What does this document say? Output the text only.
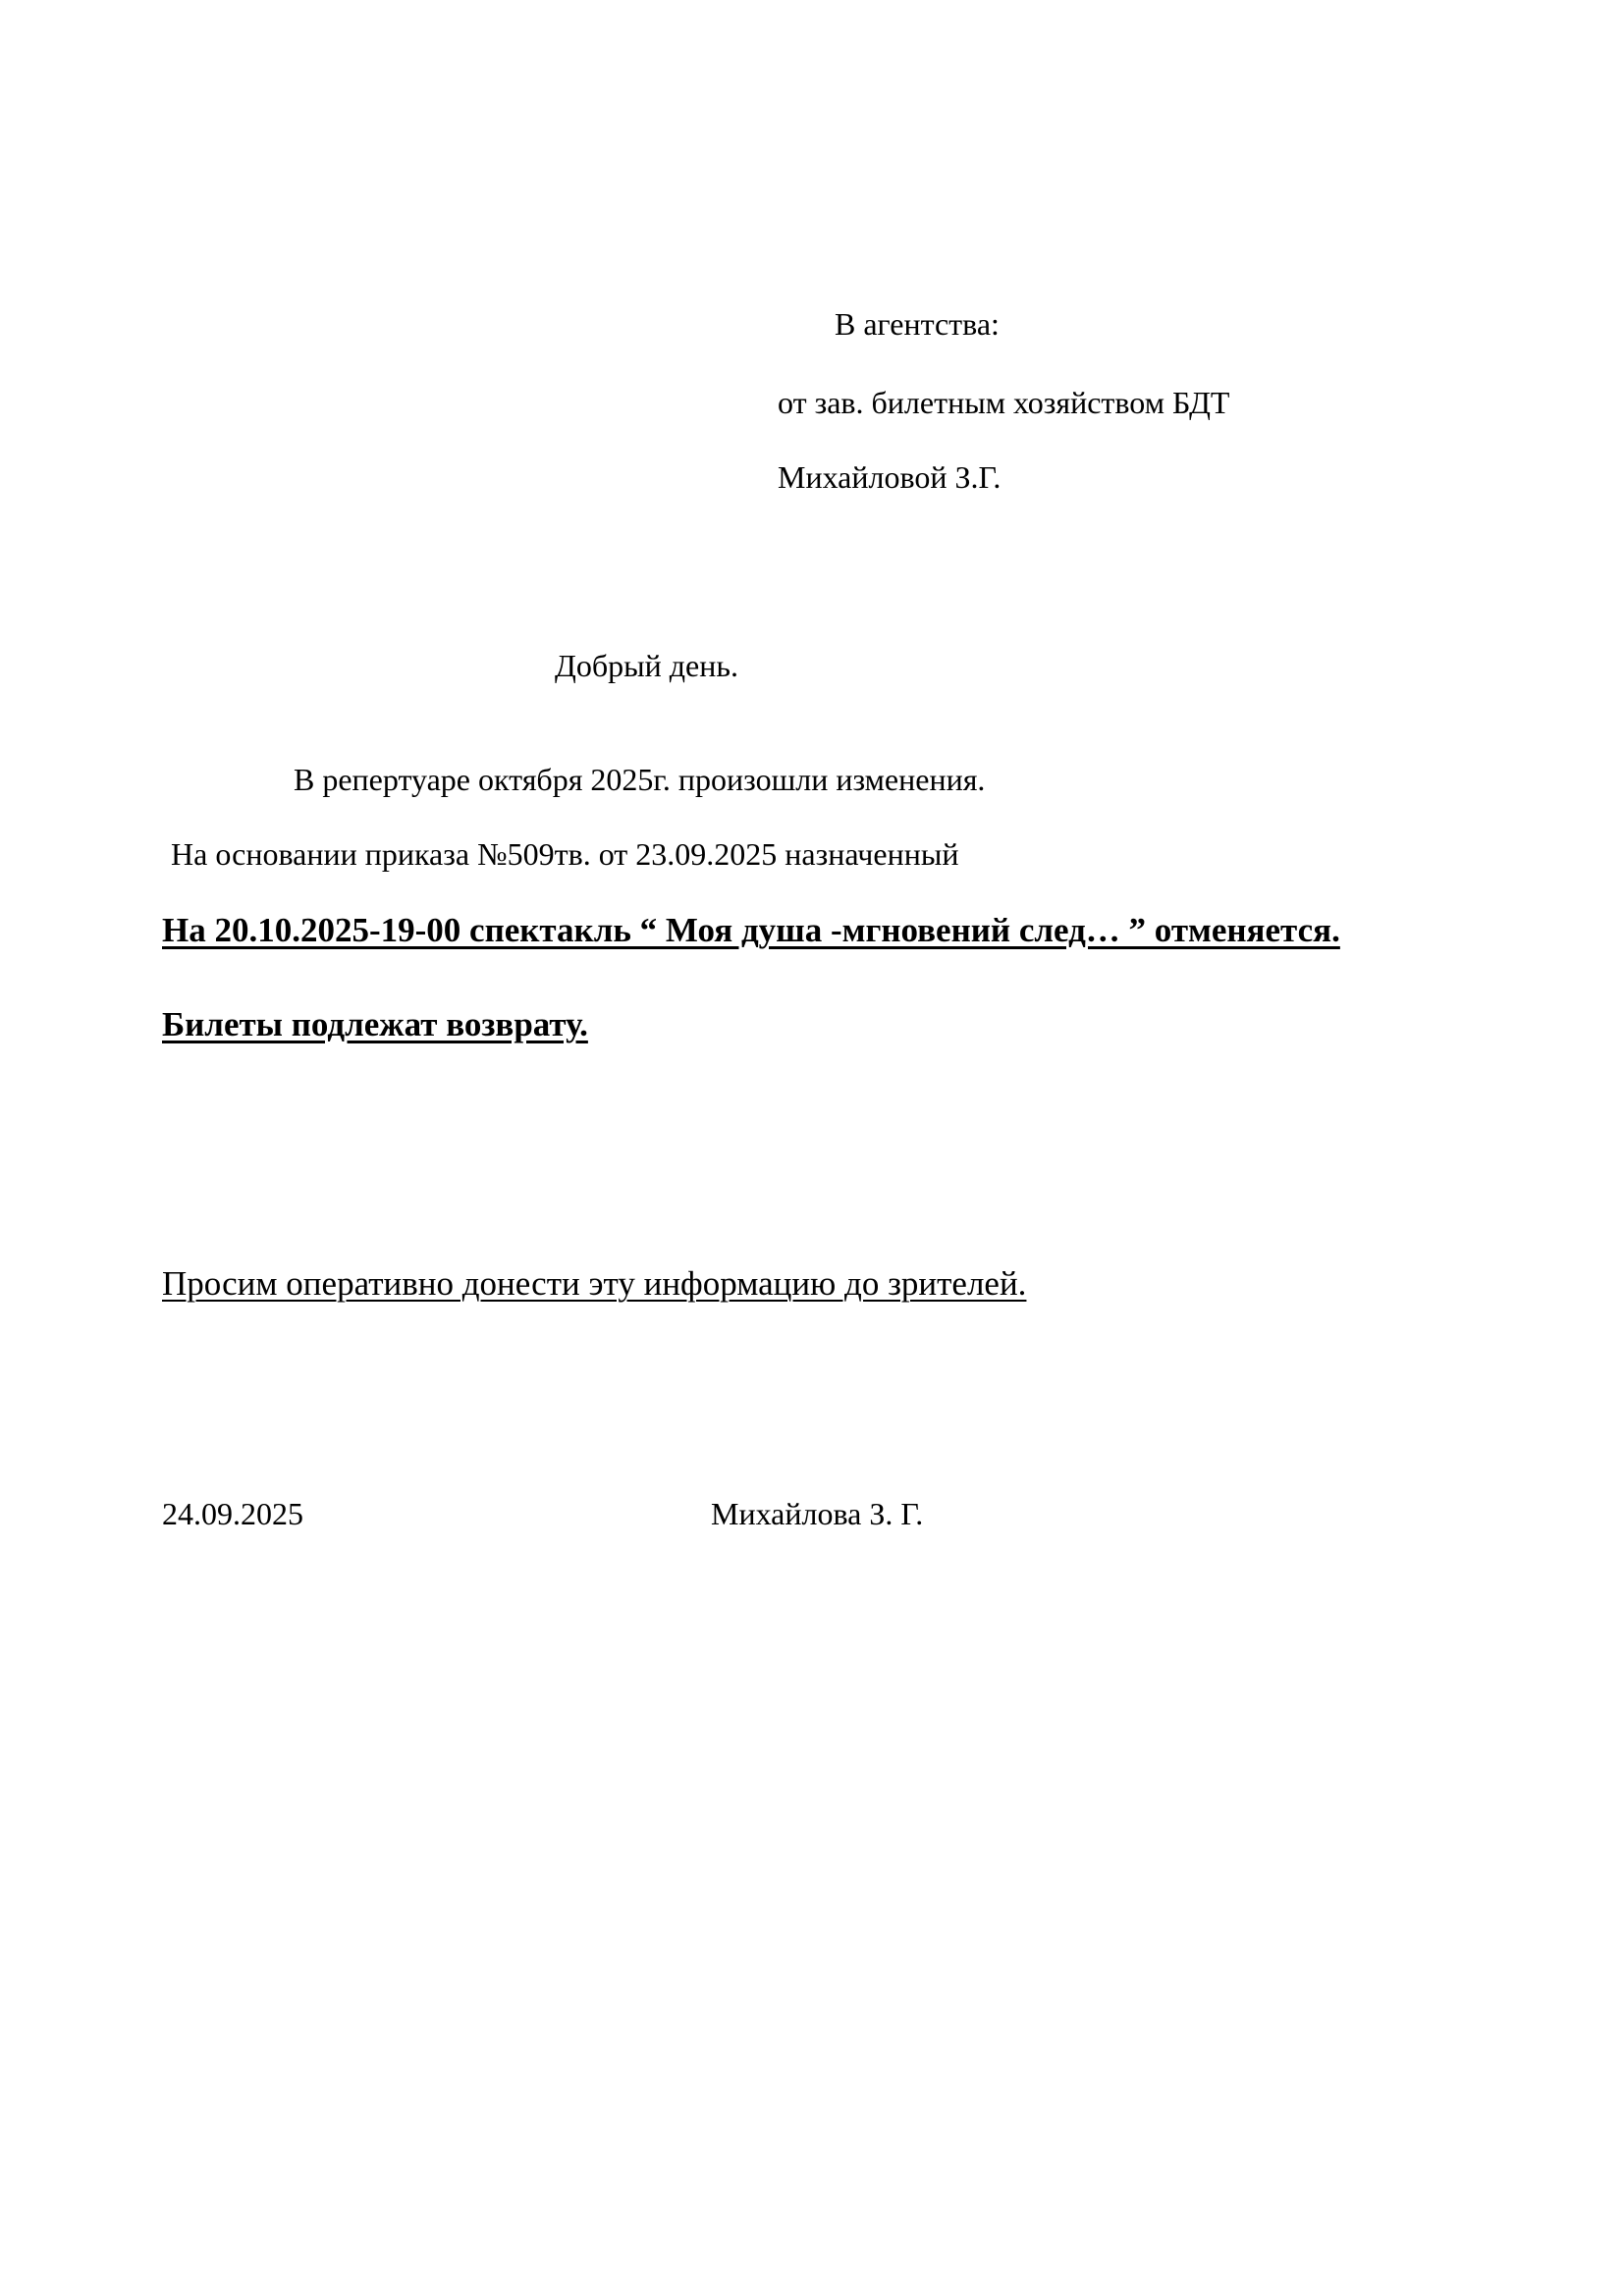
В агентства:
от зав. билетным хозяйством БДТ
Михайловой З.Г.
Добрый день.
В репертуаре октября 2025г. произошли изменения.
На основании приказа №509тв. от 23.09.2025 назначенный
На 20.10.2025-19-00 спектакль “ Моя душа -мгновений след… ” отменяется.
Билеты подлежат возврату.
Просим оперативно донести эту информацию до зрителей.
24.09.2025	Михайлова З. Г.
